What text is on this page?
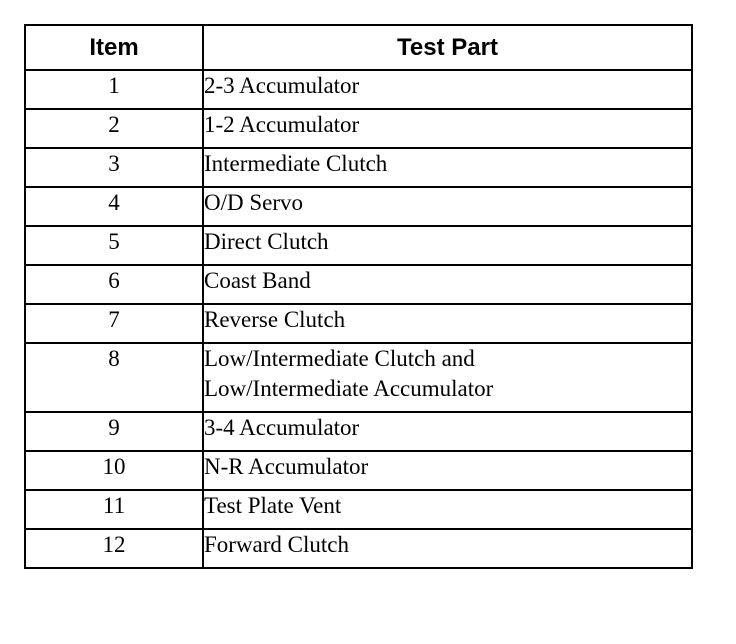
Item	Test Part
1	2-3 Accumulator
2	1-2 Accumulator
3	Intermediate Clutch
4	O/D Servo
5	Direct Clutch
6	Coast Band
7	Reverse Clutch
8	Low/Intermediate Clutch and
Low/Intermediate Accumulator

9	3-4 Accumulator
10	N-R Accumulator
11	Test Plate Vent
12	Forward Clutch
